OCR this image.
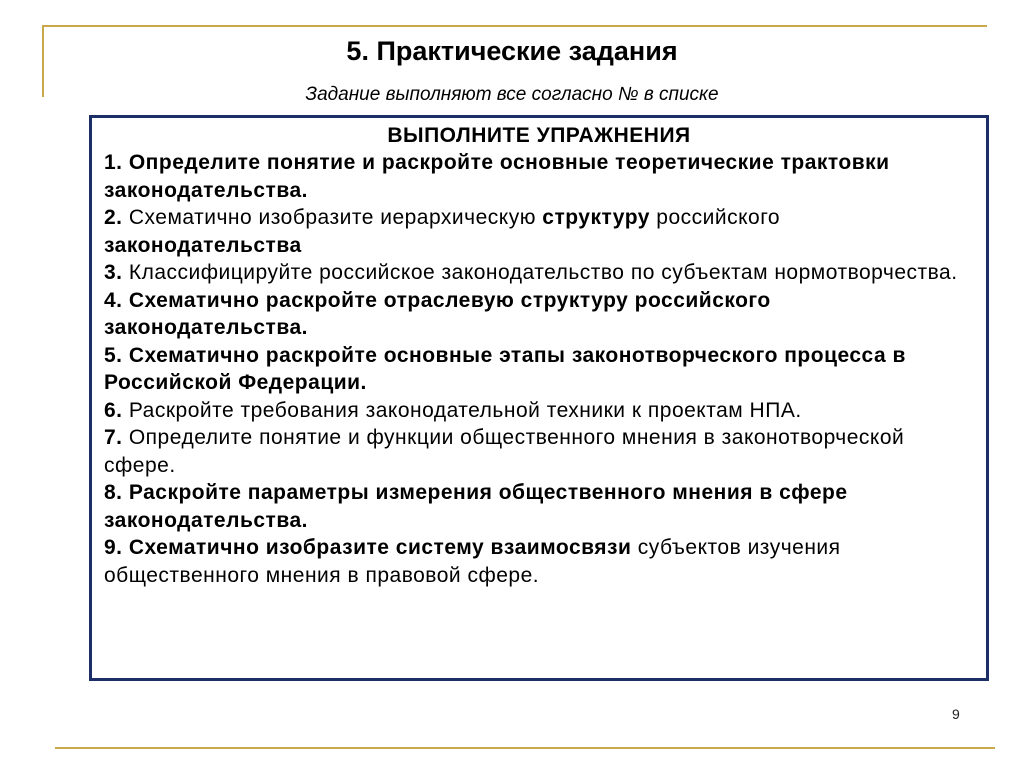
5. Практические задания
Задание выполняют все согласно № в списке
ВЫПОЛНИТЕ УПРАЖНЕНИЯ
1. Определите понятие и раскройте основные теоретические трактовки законодательства.
2. Схематично изобразите иерархическую структуру российского законодательства
3. Классифицируйте российское законодательство по субъектам нормотворчества.
4. Схематично раскройте отраслевую структуру российского законодательства.
5. Схематично раскройте основные этапы законотворческого процесса в Российской Федерации.
6. Раскройте требования законодательной техники к проектам НПА.
7. Определите понятие и функции общественного мнения в законотворческой сфере.
8. Раскройте параметры измерения общественного мнения в сфере законодательства.
9. Схематично изобразите систему взаимосвязи субъектов изучения общественного мнения в правовой сфере.
9
